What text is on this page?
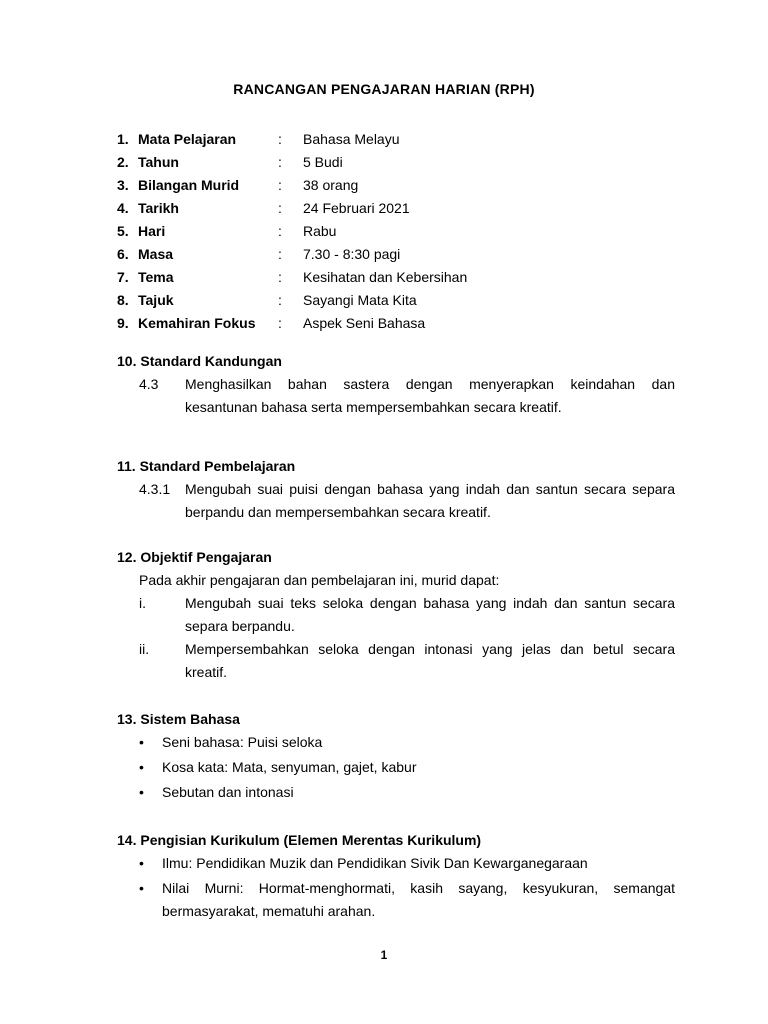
RANCANGAN PENGAJARAN HARIAN (RPH)
1. Mata Pelajaran	:	Bahasa Melayu
2. Tahun	:	5 Budi
3. Bilangan Murid	:	38 orang
4. Tarikh	:	24 Februari 2021
5. Hari	:	Rabu
6. Masa	:	7.30 - 8:30 pagi
7. Tema	:	Kesihatan dan Kebersihan
8. Tajuk	:	Sayangi Mata Kita
9. Kemahiran Fokus	:	Aspek Seni Bahasa
10. Standard Kandungan
4.3	Menghasilkan bahan sastera dengan menyerapkan keindahan dan kesantunan bahasa serta mempersembahkan secara kreatif.
11. Standard Pembelajaran
4.3.1	Mengubah suai puisi dengan bahasa yang indah dan santun secara separa berpandu dan mempersembahkan secara kreatif.
12. Objektif Pengajaran
Pada akhir pengajaran dan pembelajaran ini, murid dapat:
i.	Mengubah suai teks seloka dengan bahasa yang indah dan santun secara separa berpandu.
ii.	Mempersembahkan seloka dengan intonasi yang jelas dan betul secara kreatif.
13. Sistem Bahasa
•	Seni bahasa: Puisi seloka
•	Kosa kata: Mata, senyuman, gajet, kabur
•	Sebutan dan intonasi
14. Pengisian Kurikulum (Elemen Merentas Kurikulum)
•	Ilmu: Pendidikan Muzik dan Pendidikan Sivik Dan Kewarganegaraan
•	Nilai Murni: Hormat-menghormati, kasih sayang, kesyukuran, semangat bermasyarakat, mematuhi arahan.
1
